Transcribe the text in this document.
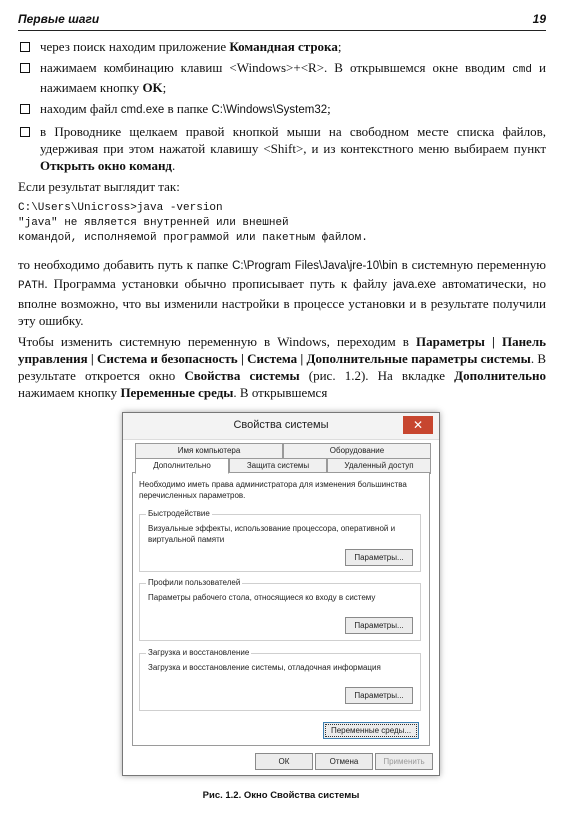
Первые шаги	19
через поиск находим приложение Командная строка;
нажимаем комбинацию клавиш <Windows>+<R>. В открывшемся окне вводим cmd и нажимаем кнопку OK;
находим файл cmd.exe в папке C:\Windows\System32;
в Проводнике щелкаем правой кнопкой мыши на свободном месте списка файлов, удерживая при этом нажатой клавишу <Shift>, и из контекстного меню выбираем пункт Открыть окно команд.

Если результат выглядит так:

C:\Users\Unicross>java -version
"java" не является внутренней или внешней
командой, исполняемой программой или пакетным файлом.

то необходимо добавить путь к папке C:\Program Files\Java\jre-10\bin в системную переменную PATH. Программа установки обычно прописывает путь к файлу java.exe автоматически, но вполне возможно, что вы изменили настройки в процессе установки и в результате получили эту ошибку.

Чтобы изменить системную переменную в Windows, переходим в Параметры | Панель управления | Система и безопасность | Система | Дополнительные параметры системы. В результате откроется окно Свойства системы (рис. 1.2). На вкладке Дополнительно нажимаем кнопку Переменные среды. В открывшемся

Свойства системы	✕
Имя компьютера	Оборудование
Дополнительно	Защита системы	Удаленный доступ
Необходимо иметь права администратора для изменения большинства перечисленных параметров.
Быстродействие
Визуальные эффекты, использование процессора, оперативной и виртуальной памяти
Параметры...
Профили пользователей
Параметры рабочего стола, относящиеся ко входу в систему
Параметры...
Загрузка и восстановление
Загрузка и восстановление системы, отладочная информация
Параметры...
Переменные среды...
ОК	Отмена	Применить
Рис. 1.2. Окно Свойства системы
